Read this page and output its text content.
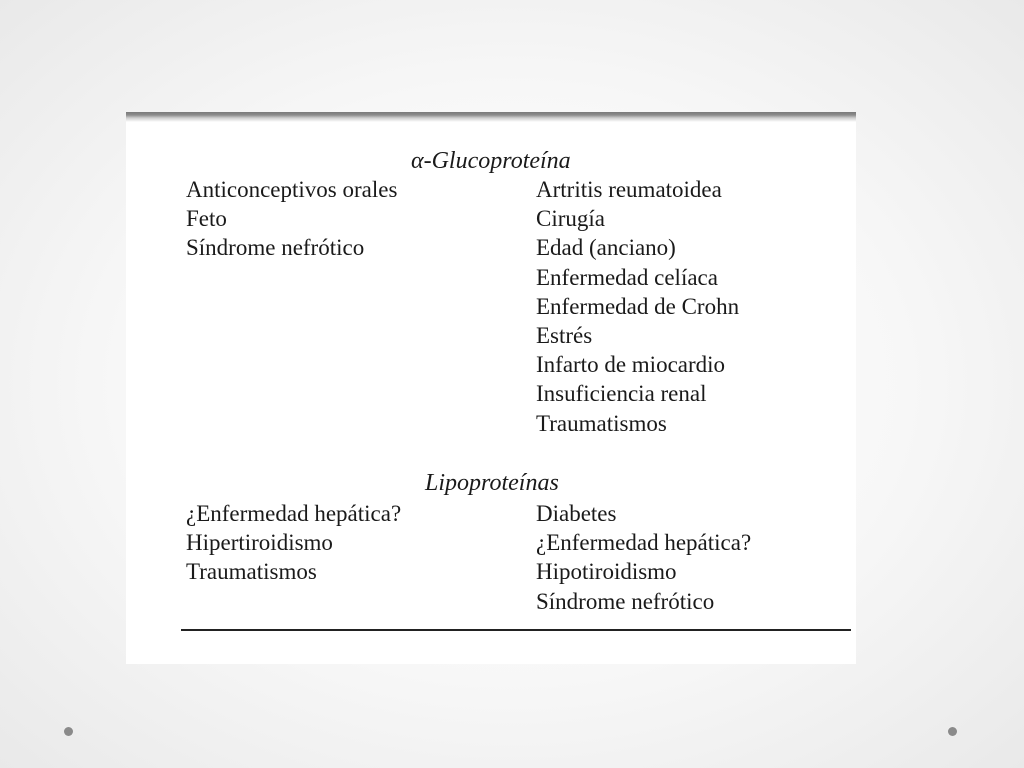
α-Glucoproteína
Anticonceptivos orales
Feto
Síndrome nefrótico
Artritis reumatoidea
Cirugía
Edad (anciano)
Enfermedad celíaca
Enfermedad de Crohn
Estrés
Infarto de miocardio
Insuficiencia renal
Traumatismos
Lipoproteínas
¿Enfermedad hepática?
Hipertiroidismo
Traumatismos
Diabetes
¿Enfermedad hepática?
Hipotiroidismo
Síndrome nefrótico
